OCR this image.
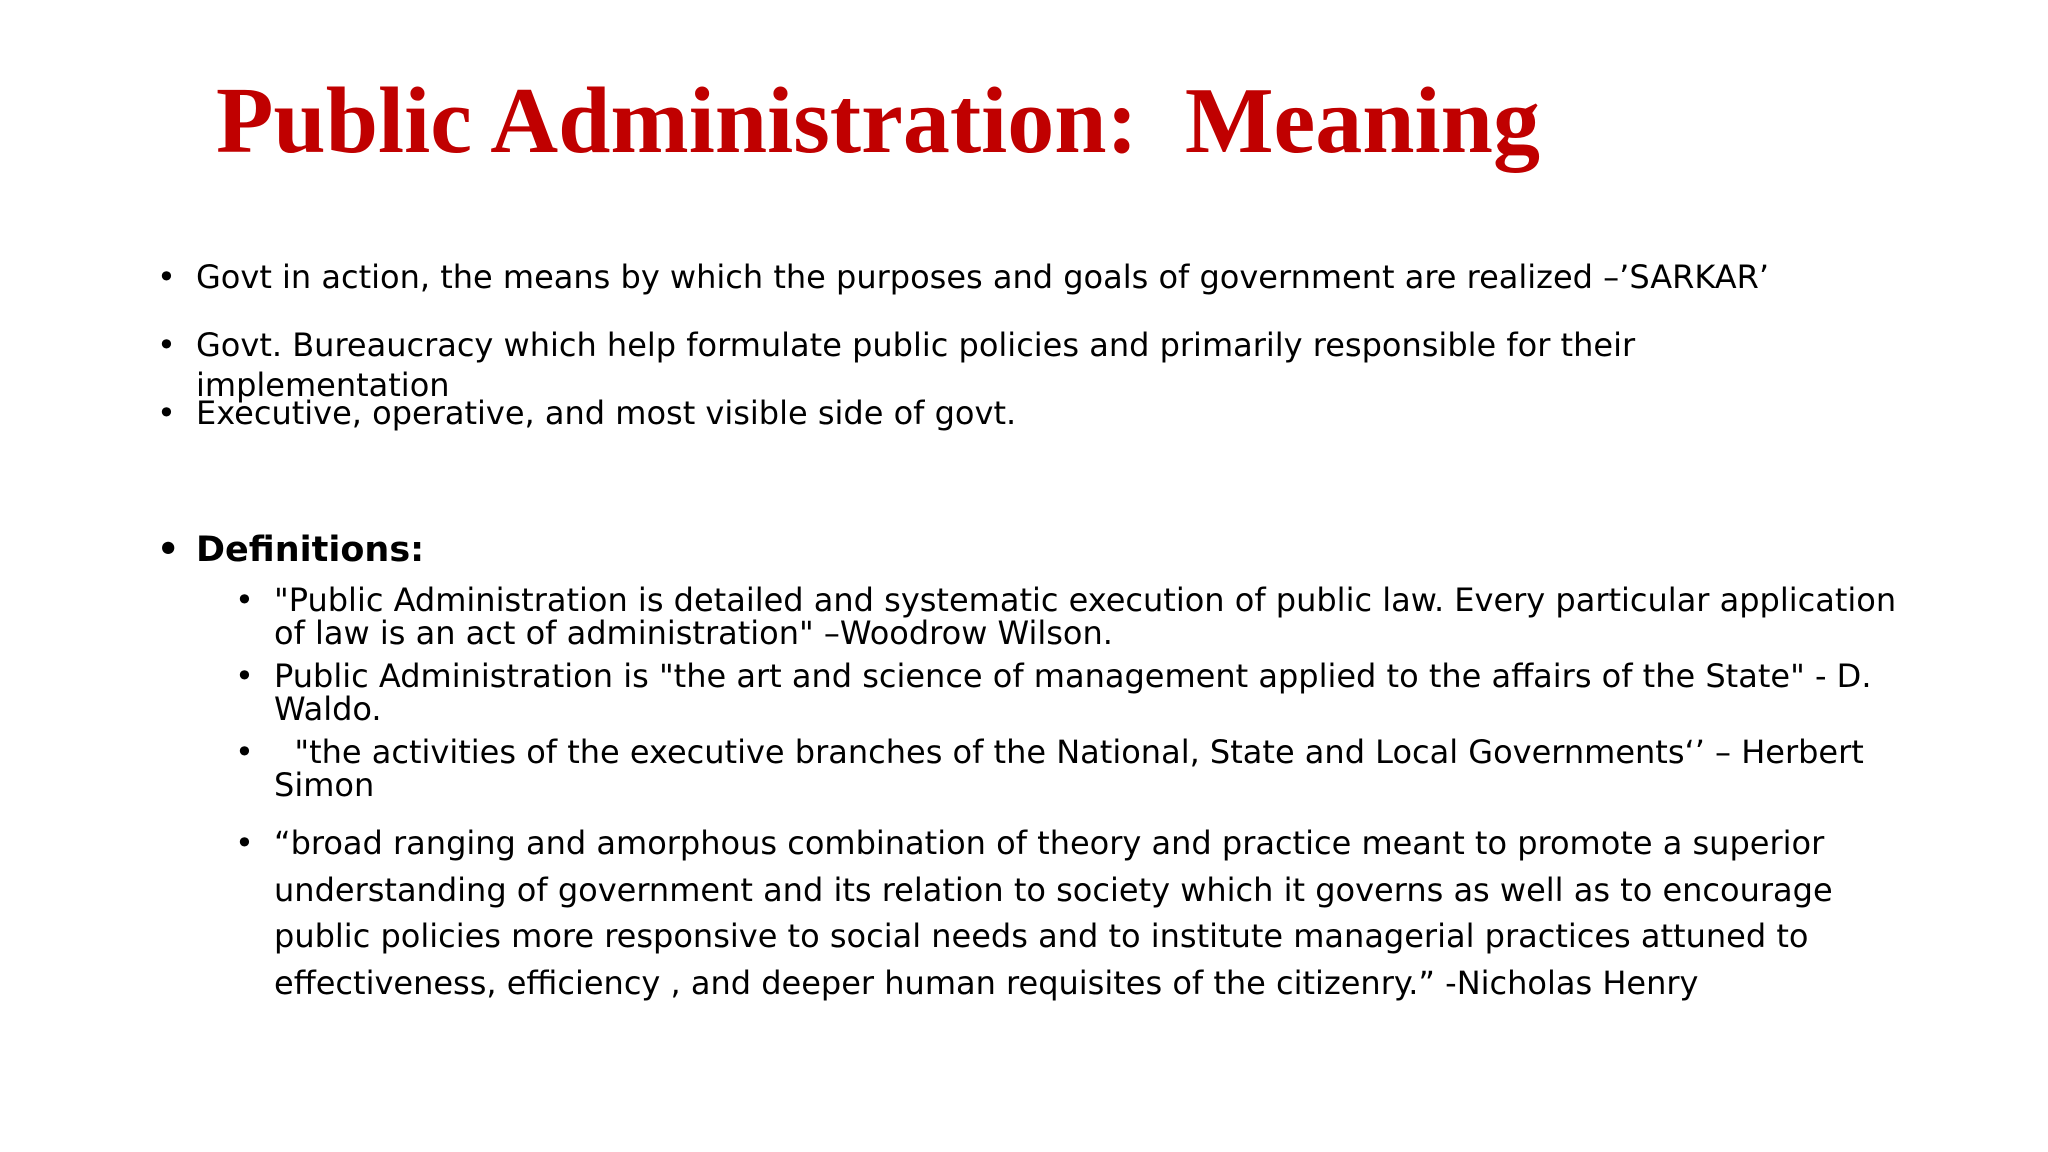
Public Administration:  Meaning
• Govt in action, the means by which the purposes and goals of government are realized –’SARKAR’
• Govt. Bureaucracy which help formulate public policies and primarily responsible for their implementation
• Executive, operative, and most visible side of govt.
• Definitions:
• "Public Administration is detailed and systematic execution of public law. Every particular application of law is an act of administration" –Woodrow Wilson.
• Public Administration is "the art and science of management applied to the affairs of the State" - D. Waldo.
• "the activities of the executive branches of the National, State and Local Governments‘’ – Herbert Simon
• “broad ranging and amorphous combination of theory and practice meant to promote a superior understanding of government and its relation to society which it governs as well as to encourage public policies more responsive to social needs and to institute managerial practices attuned to effectiveness, efficiency , and deeper human requisites of the citizenry.” -Nicholas Henry
